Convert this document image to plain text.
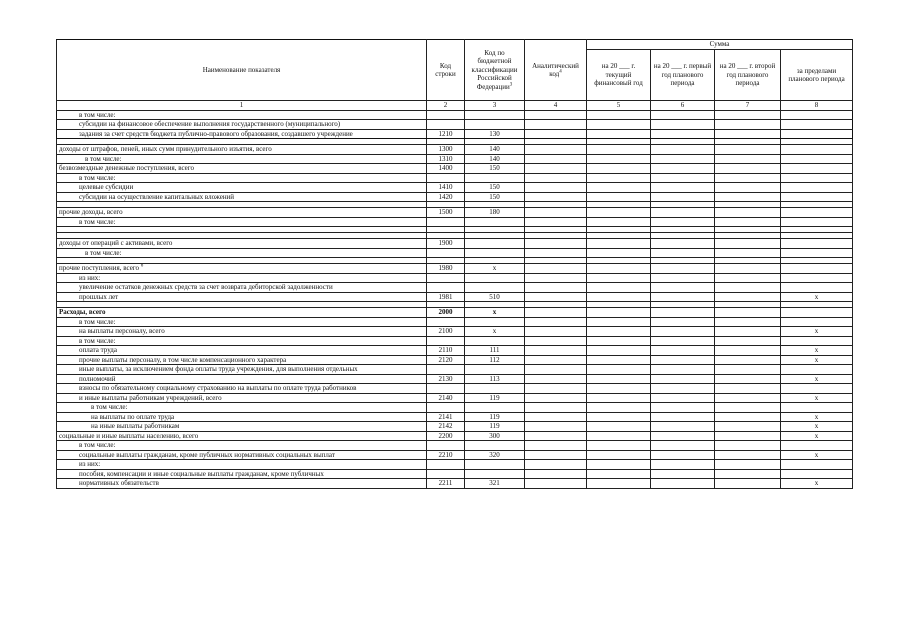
Наименование показателя	Код строки	Код по бюджетной классификации Российской Федерации$^3$	Аналитический код$^4$	Сумма			
				на 20 ___ г. текущий финансовый год	на 20 ___ г. первый год планового периода	на 20 ___ г. второй год планового периода	за пределами планового периода
1	2	3	4	5	6	7	8
в том числе:							
субсидии на финансовое обеспечение выполнения государственного (муниципального)							
задания за счет средств бюджета публично-правового образования, создавшего учреждение	1210	130					

доходы от штрафов, пеней, иных сумм принудительного изъятия, всего	1300	140					
в том числе:	1310	140					
безвозмездные денежные поступления, всего	1400	150					
в том числе:							
целевые субсидии	1410	150					
субсидии на осуществление капитальных вложений	1420	150					

прочие доходы, всего	1500	180					
в том числе:							

доходы от операций с активами, всего	1900						
в том числе:							

прочие поступления, всего $^6$	1980	х					
из них:							
увеличение остатков денежных средств за счет возврата дебиторской задолженности							
прошлых лет	1981	510					х

Расходы, всего	2000	х					
в том числе:							
на выплаты персоналу, всего	2100	х					х
в том числе:							
оплата труда	2110	111					х
прочие выплаты персоналу, в том числе компенсационного характера	2120	112					х
иные выплаты, за исключением фонда оплаты труда учреждения, для выполнения отдельных							
полномочий	2130	113					х
взносы по обязательному социальному страхованию на выплаты по оплате труда работников							
и иные выплаты работникам учреждений, всего	2140	119					х
в том числе:							
на выплаты по оплате труда	2141	119					х
на иные выплаты работникам	2142	119					х
социальные и иные выплаты населению, всего	2200	300					х
в том числе:							
социальные выплаты гражданам, кроме публичных нормативных социальных выплат	2210	320					х
из них:							
пособия, компенсации и иные социальные выплаты гражданам, кроме публичных							
нормативных обязательств	2211	321					х
